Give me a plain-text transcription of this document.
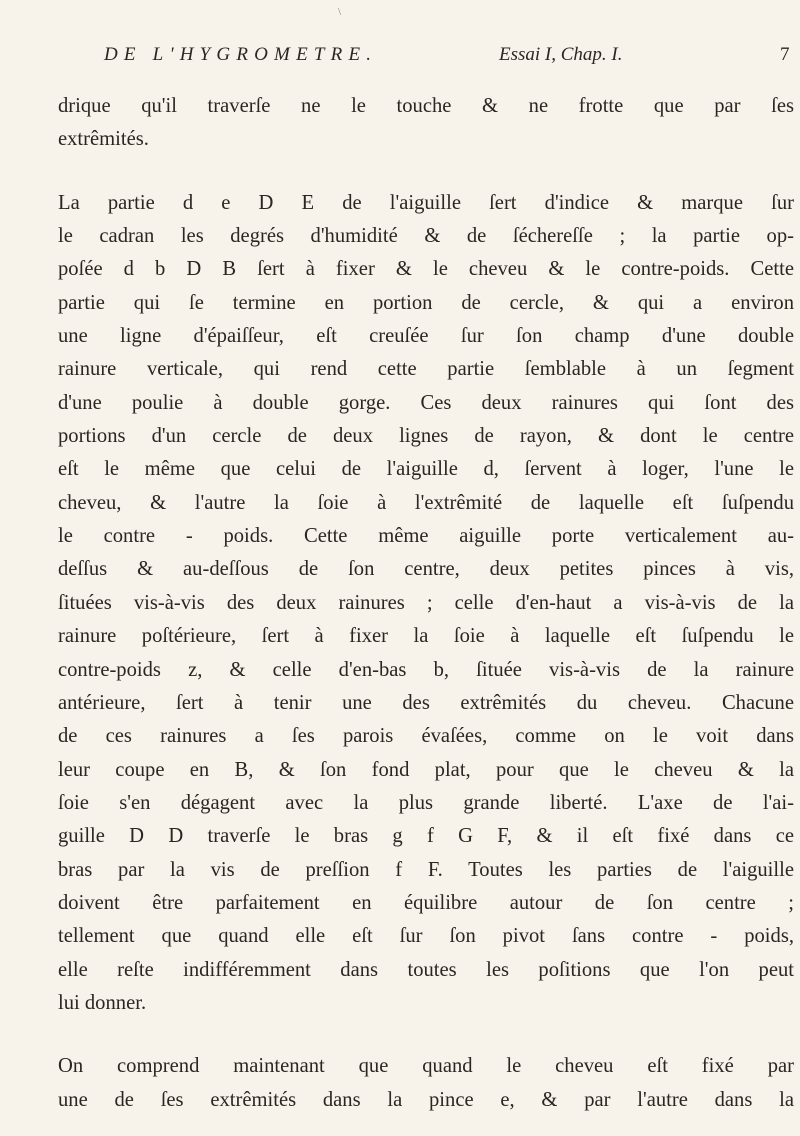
\
DE L'HYGROMETRE.	Essai I, Chap. I.	7
drique qu'il traverſe ne le touche & ne frotte que par ſes
extrêmités.
La partie d e D E de l'aiguille ſert d'indice & marque ſur
le cadran les degrés d'humidité & de ſéchereſſe ; la partie op-
poſée d b D B ſert à fixer & le cheveu & le contre-poids. Cette
partie qui ſe termine en portion de cercle, & qui a environ
une ligne d'épaiſſeur, eſt creuſée ſur ſon champ d'une double
rainure verticale, qui rend cette partie ſemblable à un ſegment
d'une poulie à double gorge. Ces deux rainures qui ſont des
portions d'un cercle de deux lignes de rayon, & dont le centre
eſt le même que celui de l'aiguille d, ſervent à loger, l'une le
cheveu, & l'autre la ſoie à l'extrêmité de laquelle eſt ſuſpendu
le contre - poids. Cette même aiguille porte verticalement au-
deſſus & au-deſſous de ſon centre, deux petites pinces à vis,
ſituées vis-à-vis des deux rainures ; celle d'en-haut a vis-à-vis de la
rainure poſtérieure, ſert à fixer la ſoie à laquelle eſt ſuſpendu le
contre-poids z, & celle d'en-bas b, ſituée vis-à-vis de la rainure
antérieure, ſert à tenir une des extrêmités du cheveu. Chacune
de ces rainures a ſes parois évaſées, comme on le voit dans
leur coupe en B, & ſon fond plat, pour que le cheveu & la
ſoie s'en dégagent avec la plus grande liberté. L'axe de l'ai-
guille D D traverſe le bras g f G F, & il eſt fixé dans ce
bras par la vis de preſſion f F. Toutes les parties de l'aiguille
doivent être parfaitement en équilibre autour de ſon centre ;
tellement que quand elle eſt ſur ſon pivot ſans contre - poids,
elle reſte indifféremment dans toutes les poſitions que l'on peut
lui donner.
On comprend maintenant que quand le cheveu eſt fixé par
une de ſes extrêmités dans la pince e, & par l'autre dans la
